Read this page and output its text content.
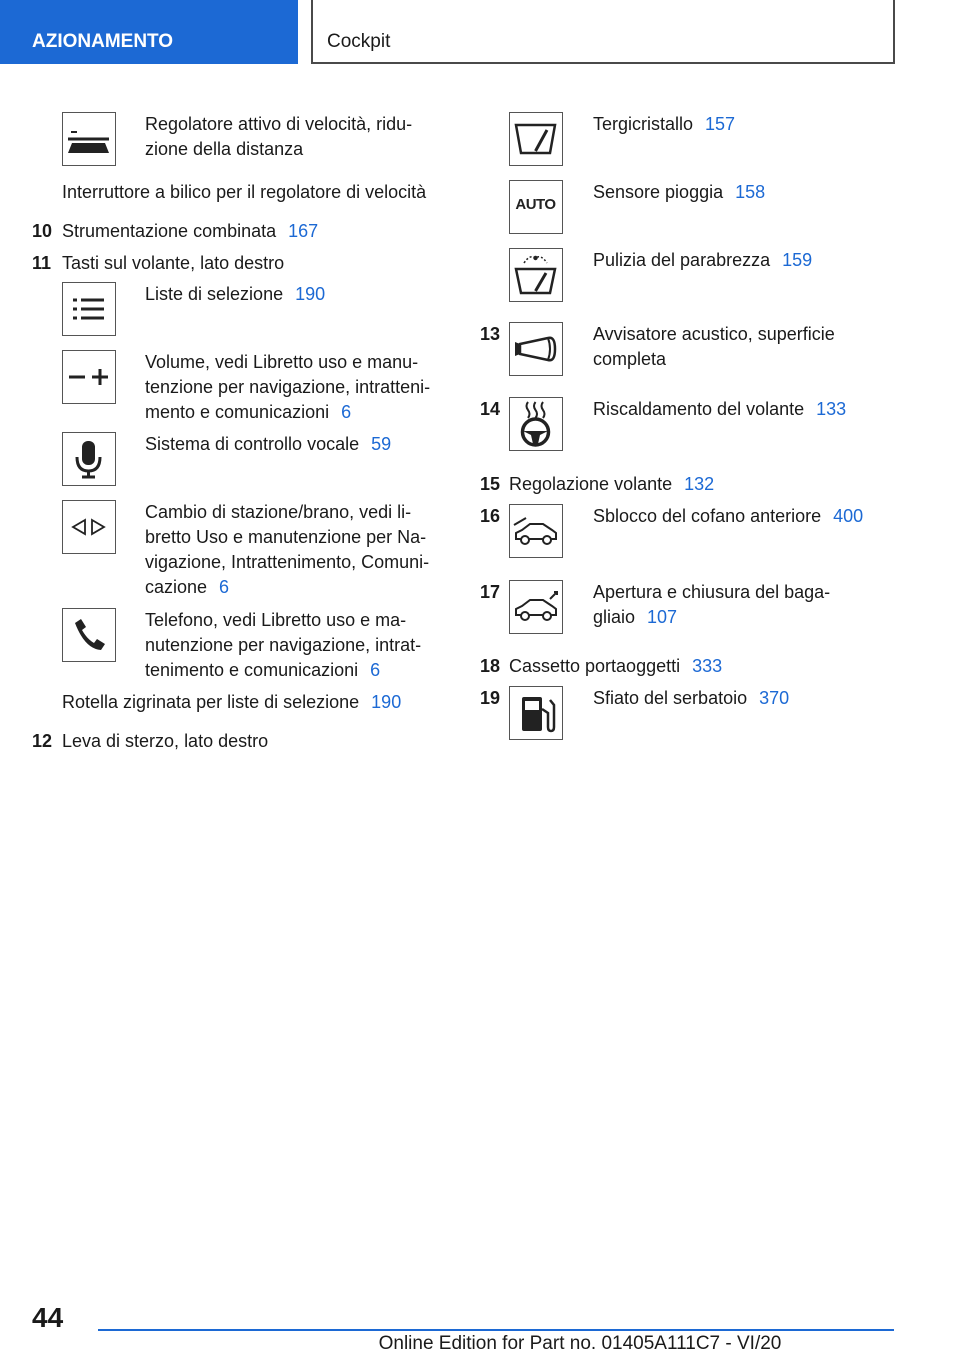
AZIONAMENTO	Cockpit
Regolatore attivo di velocità, ridu-
zione della distanza
Interruttore a bilico per il regolatore di velocità
10 Strumentazione combinata 167
11 Tasti sul volante, lato destro
Liste di selezione 190
Volume, vedi Libretto uso e manu-
tenzione per navigazione, intratteni-
mento e comunicazioni 6
Sistema di controllo vocale 59
Cambio di stazione/brano, vedi li-
bretto Uso e manutenzione per Na-
vigazione, Intrattenimento, Comuni-
cazione 6
Telefono, vedi Libretto uso e ma-
nutenzione per navigazione, intrat-
tenimento e comunicazioni 6
Rotella zigrinata per liste di selezione 190
12 Leva di sterzo, lato destro
Tergicristallo 157
AUTO
Sensore pioggia 158
Pulizia del parabrezza 159
13	Avvisatore acustico, superficie
completa
14	Riscaldamento del volante 133
15 Regolazione volante 132
16	Sblocco del cofano anteriore 400
17	Apertura e chiusura del baga-
gliaio 107
18 Cassetto portaoggetti 333
19	Sfiato del serbatoio 370
44
Online Edition for Part no. 01405A111C7 - VI/20
